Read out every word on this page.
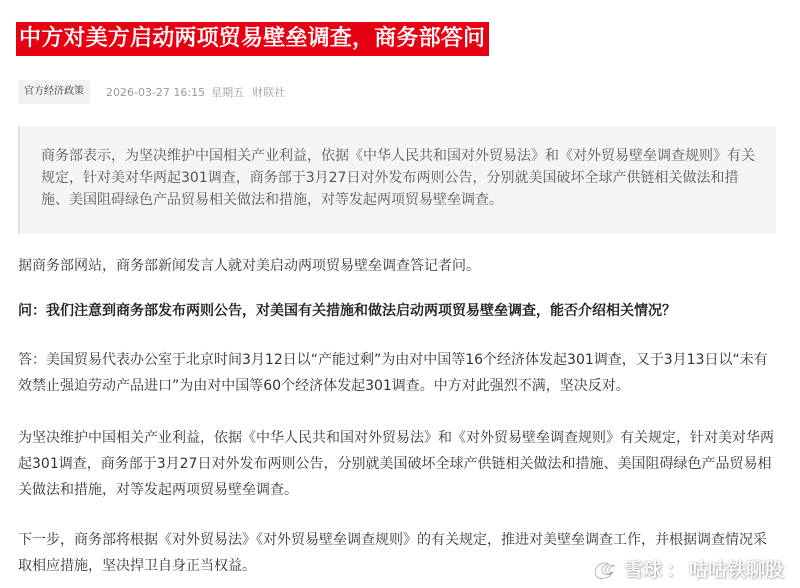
中方对美方启动两项贸易壁垒调查，商务部答问
官方经济政策	2026-03-27 16:15 星期五 财联社
商务部表示，为坚决维护中国相关产业利益，依据《中华人民共和国对外贸易法》和《对外贸易壁垒调查规则》有关规定，针对美对华两起301调查，商务部于3月27日对外发布两则公告，分别就美国破坏全球产供链相关做法和措施、美国阻碍绿色产品贸易相关做法和措施，对等发起两项贸易壁垒调查。

据商务部网站，商务部新闻发言人就对美启动两项贸易壁垒调查答记者问。

问：我们注意到商务部发布两则公告，对美国有关措施和做法启动两项贸易壁垒调查，能否介绍相关情况？

答：美国贸易代表办公室于北京时间3月12日以“产能过剩”为由对中国等16个经济体发起301调查，又于3月13日以“未有效禁止强迫劳动产品进口”为由对中国等60个经济体发起301调查。中方对此强烈不满，坚决反对。

为坚决维护中国相关产业利益，依据《中华人民共和国对外贸易法》和《对外贸易壁垒调查规则》有关规定，针对美对华两起301调查，商务部于3月27日对外发布两则公告，分别就美国破坏全球产供链相关做法和措施、美国阻碍绿色产品贸易相关做法和措施，对等发起两项贸易壁垒调查。

下一步，商务部将根据《对外贸易法》《对外贸易壁垒调查规则》的有关规定，推进对美壁垒调查工作，并根据调查情况采取相应措施，坚决捍卫自身正当权益。	雪球 ： 咕咕铁聊股
